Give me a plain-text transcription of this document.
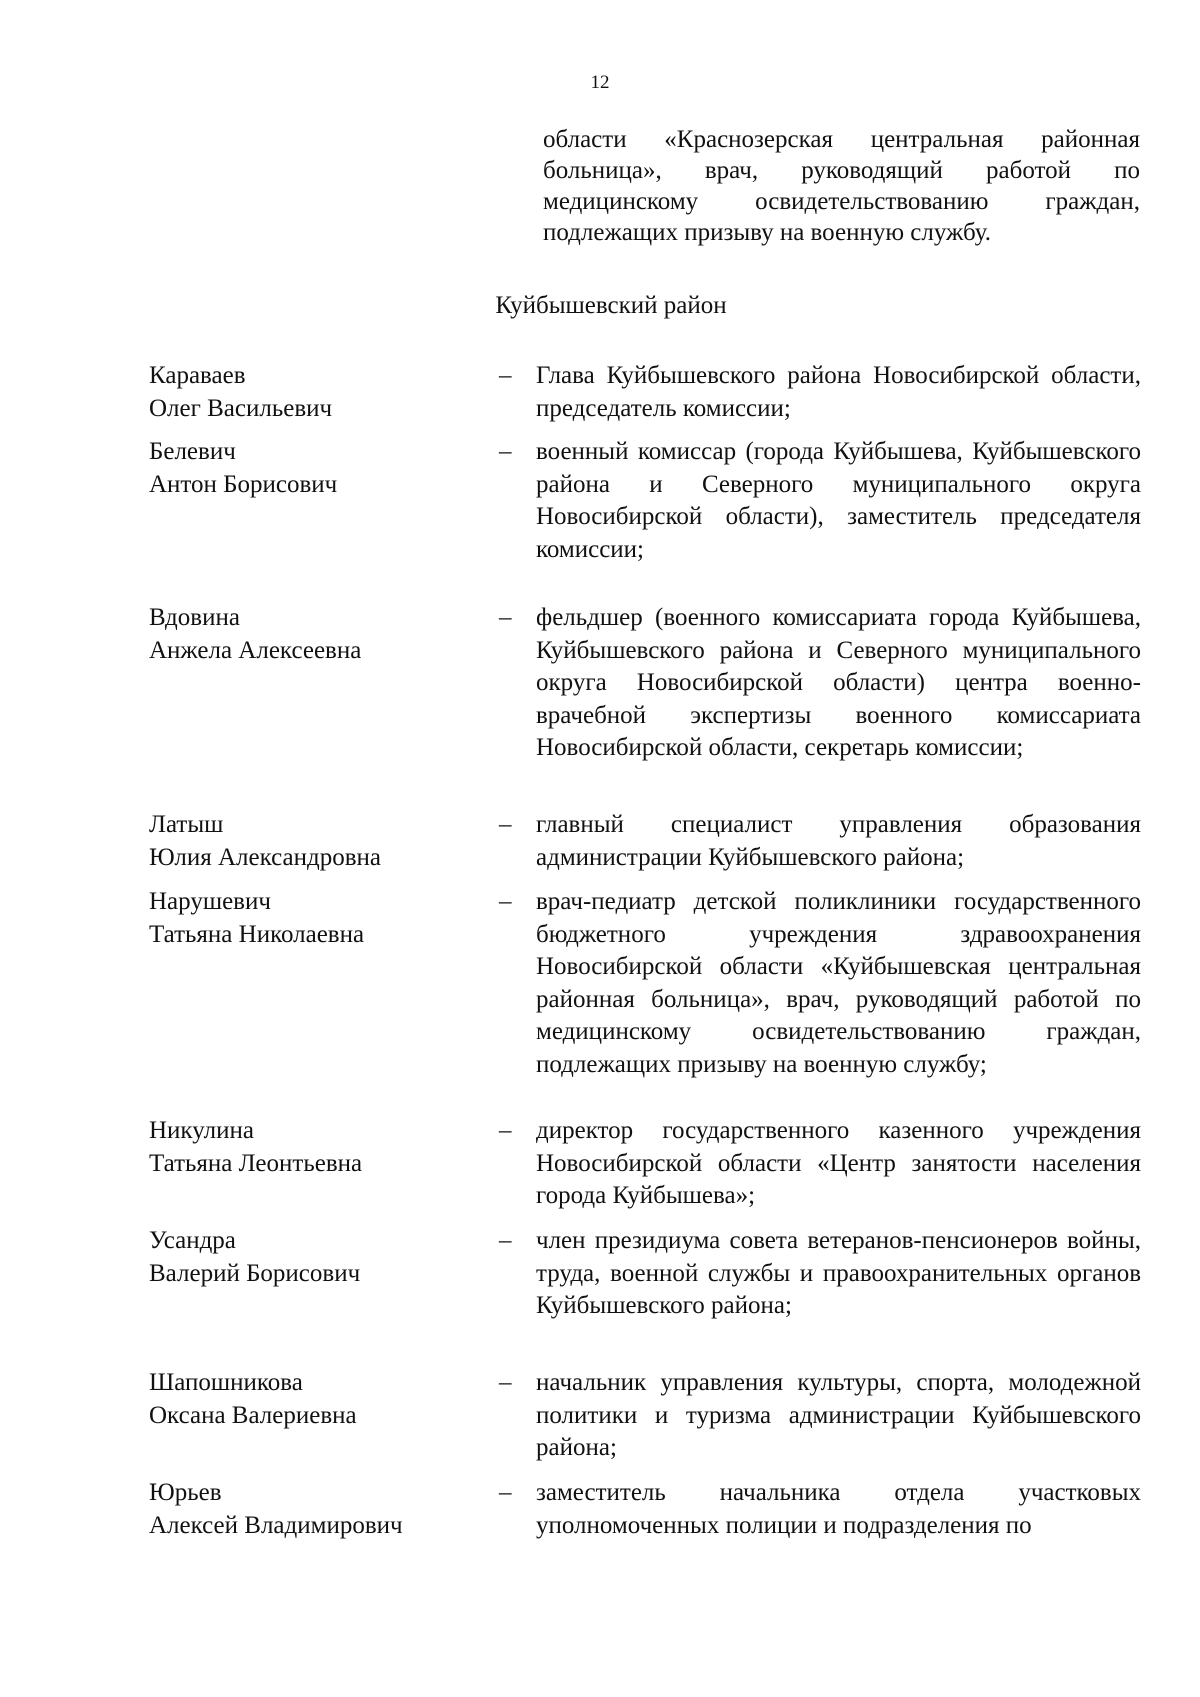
12
области «Краснозерская центральная районная больница», врач, руководящий работой по медицинскому освидетельствованию граждан, подлежащих призыву на военную службу.
Куйбышевский район
Караваев
Олег Васильевич
– Глава Куйбышевского района Новосибирской области, председатель комиссии;
Белевич
Антон Борисович
– военный комиссар (города Куйбышева, Куйбышевского района и Северного муниципального округа Новосибирской области), заместитель председателя комиссии;
Вдовина
Анжела Алексеевна
– фельдшер (военного комиссариата города Куйбышева, Куйбышевского района и Северного муниципального округа Новосибирской области) центра военно-врачебной экспертизы военного комиссариата Новосибирской области, секретарь комиссии;
Латыш
Юлия Александровна
– главный специалист управления образования администрации Куйбышевского района;
Нарушевич
Татьяна Николаевна
– врач-педиатр детской поликлиники государственного бюджетного учреждения здравоохранения Новосибирской области «Куйбышевская центральная районная больница», врач, руководящий работой по медицинскому освидетельствованию граждан, подлежащих призыву на военную службу;
Никулина
Татьяна Леонтьевна
– директор государственного казенного учреждения Новосибирской области «Центр занятости населения города Куйбышева»;
Усандра
Валерий Борисович
– член президиума совета ветеранов-пенсионеров войны, труда, военной службы и правоохранительных органов Куйбышевского района;
Шапошникова
Оксана Валериевна
– начальник управления культуры, спорта, молодежной политики и туризма администрации Куйбышевского района;
Юрьев
Алексей Владимирович
– заместитель начальника отдела участковых уполномоченных полиции и подразделения по
